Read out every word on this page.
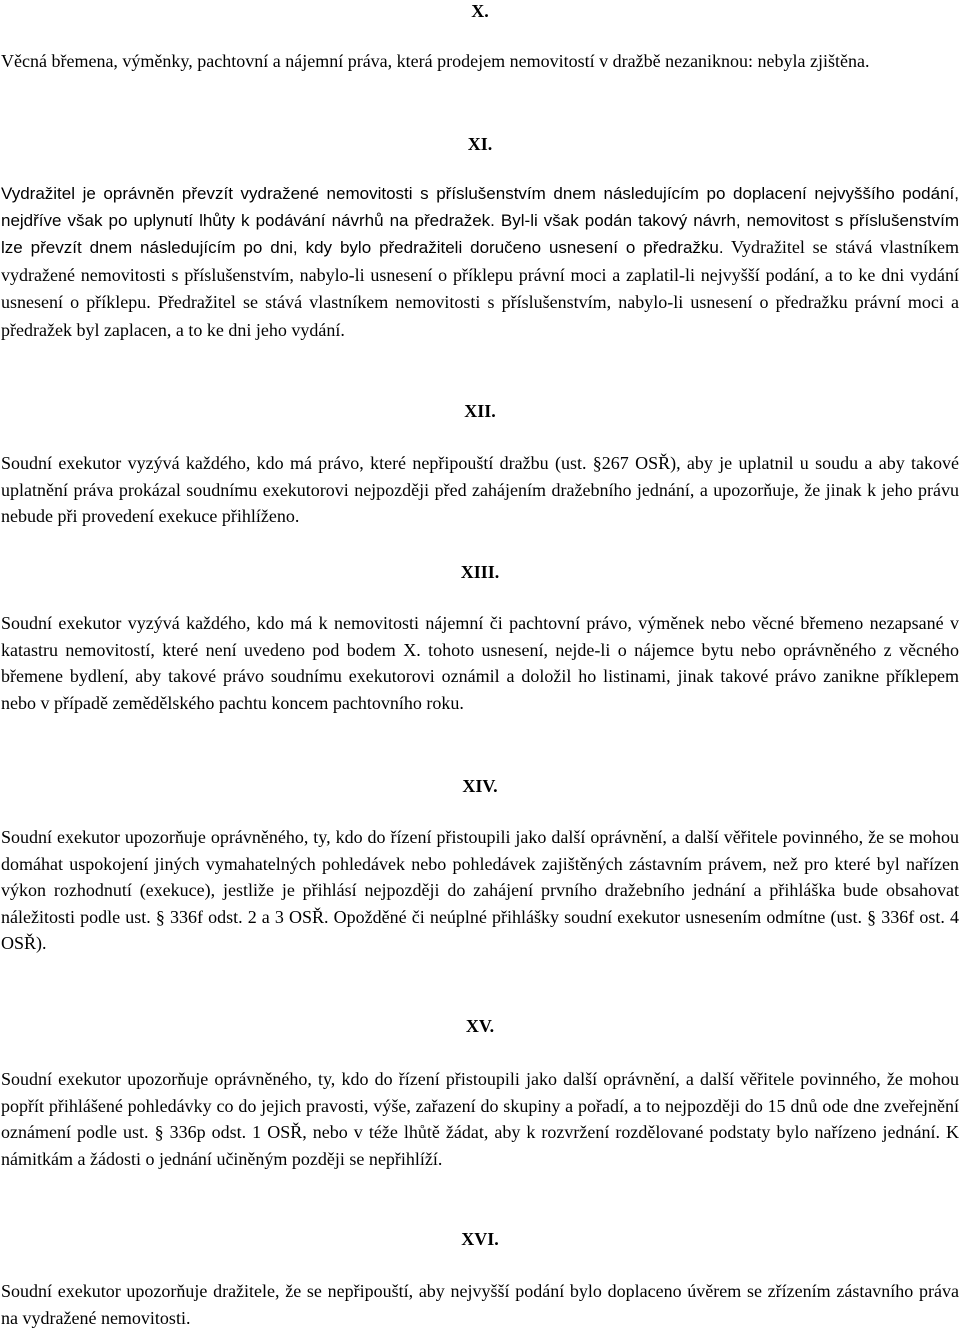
X.

Věcná břemena, výměnky, pachtovní a nájemní práva, která prodejem nemovitostí v dražbě nezaniknou: nebyla zjištěna.

XI.

Vydražitel je oprávněn převzít vydražené nemovitosti s příslušenstvím dnem následujícím po doplacení nejvyššího podání, nejdříve však po uplynutí lhůty k podávání návrhů na předražek. Byl-li však podán takový návrh, nemovitost s příslušenstvím lze převzít dnem následujícím po dni, kdy bylo předražiteli doručeno usnesení o předražku. Vydražitel se stává vlastníkem vydražené nemovitosti s příslušenstvím, nabylo-li usnesení o příklepu právní moci a zaplatil-li nejvyšší podání, a to ke dni vydání usnesení o příklepu. Předražitel se stává vlastníkem nemovitosti s příslušenstvím, nabylo-li usnesení o předražku právní moci a předražek byl zaplacen, a to ke dni jeho vydání.

XII.

Soudní exekutor vyzývá každého, kdo má právo, které nepřipouští dražbu (ust. §267 OSŘ), aby je uplatnil u soudu a aby takové uplatnění práva prokázal soudnímu exekutorovi nejpozději před zahájením dražebního jednání, a upozorňuje, že jinak k jeho právu nebude při provedení exekuce přihlíženo.

XIII.

Soudní exekutor vyzývá každého, kdo má k nemovitosti nájemní či pachtovní právo, výměnek nebo věcné břemeno nezapsané v katastru nemovitostí, které není uvedeno pod bodem X. tohoto usnesení, nejde-li o nájemce bytu nebo oprávněného z věcného břemene bydlení, aby takové právo soudnímu exekutorovi oznámil a doložil ho listinami, jinak takové právo zanikne příklepem nebo v případě zemědělského pachtu koncem pachtovního roku.

XIV.

Soudní exekutor upozorňuje oprávněného, ty, kdo do řízení přistoupili jako další oprávnění, a další věřitele povinného, že se mohou domáhat uspokojení jiných vymahatelných pohledávek nebo pohledávek zajištěných zástavním právem, než pro které byl nařízen výkon rozhodnutí (exekuce), jestliže je přihlásí nejpozději do zahájení prvního dražebního jednání a přihláška bude obsahovat náležitosti podle ust. § 336f odst. 2 a 3 OSŘ. Opožděné či neúplné přihlášky soudní exekutor usnesením odmítne (ust. § 336f ost. 4 OSŘ).

XV.

Soudní exekutor upozorňuje oprávněného, ty, kdo do řízení přistoupili jako další oprávnění, a další věřitele povinného, že mohou popřít přihlášené pohledávky co do jejich pravosti, výše, zařazení do skupiny a pořadí, a to nejpozději do 15 dnů ode dne zveřejnění oznámení podle ust. § 336p odst. 1 OSŘ, nebo v téže lhůtě žádat, aby k rozvržení rozdělované podstaty bylo nařízeno jednání. K námitkám a žádosti o jednání učiněným později se nepřihlíží.

XVI.

Soudní exekutor upozorňuje dražitele, že se nepřipouští, aby nejvyšší podání bylo doplaceno úvěrem se zřízením zástavního práva na vydražené nemovitosti.
